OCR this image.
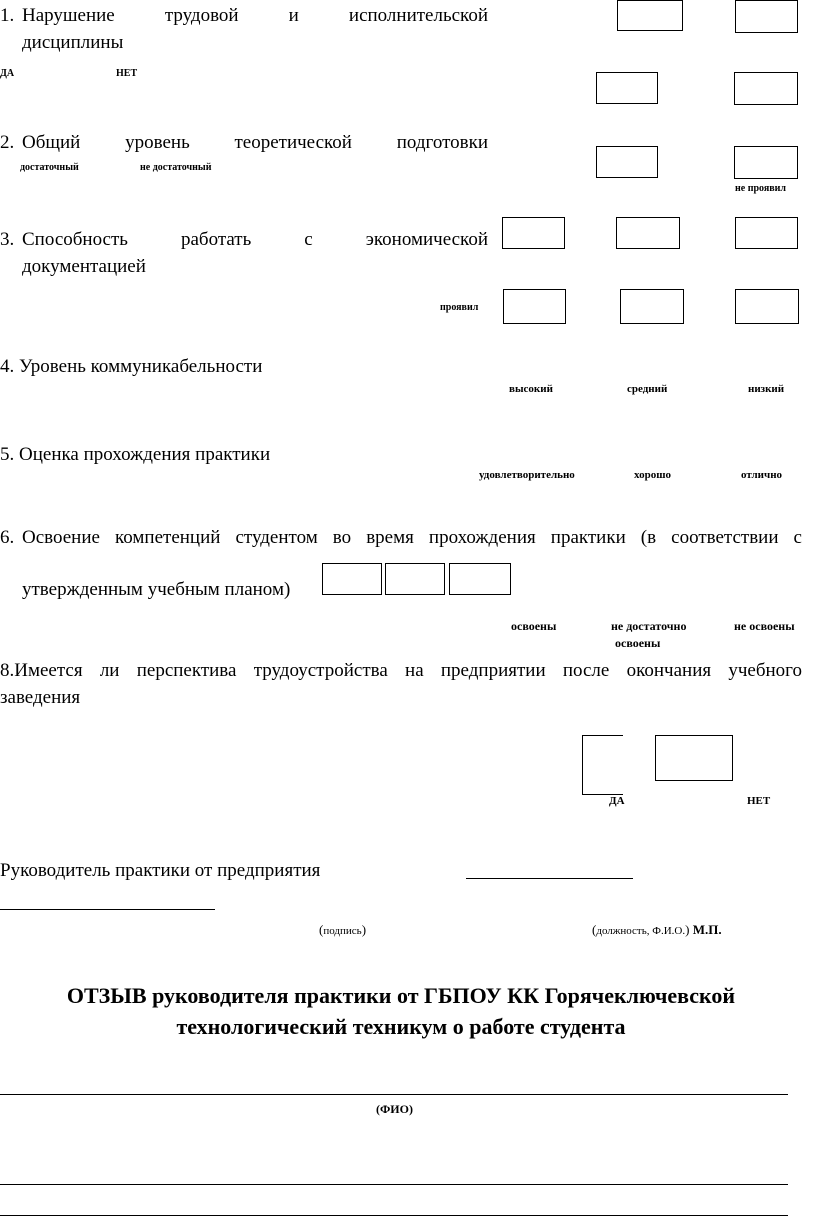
1. Нарушение трудовой и исполнительской
дисциплины
ДА	НЕТ
2. Общий уровень теоретической подготовки
достаточный	не достаточный
не проявил
3. Способность работать с экономической
документацией
проявил
4. Уровень коммуникабельности
высокий	средний	низкий
5. Оценка прохождения практики
удовлетворительно	хорошо	отлично
6. Освоение компетенций студентом во время прохождения практики (в соответствии с
утвержденным учебным планом)
освоены	не достаточно
освоены
не освоены
8.Имеется ли перспектива трудоустройства на предприятии после окончания учебного
заведения
ДА	НЕТ
Руководитель практики от предприятия
(подпись)	(должность, Ф.И.О.) М.П.
ОТЗЫВ руководителя практики от ГБПОУ КК Горячеключевской
технологический техникум о работе студента
(ФИО)
